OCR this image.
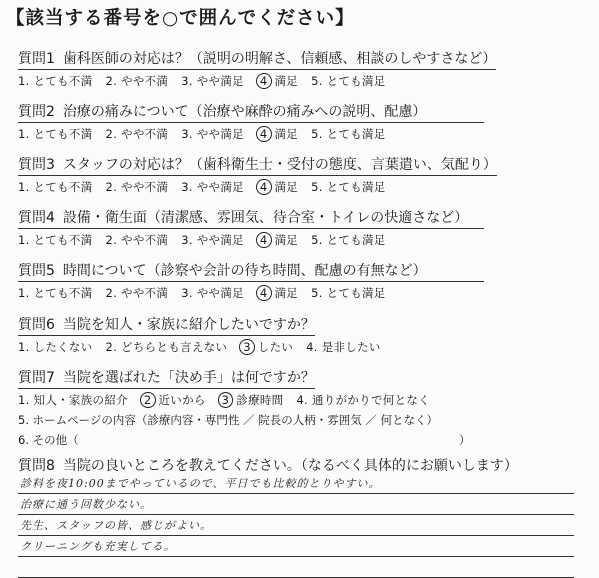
【該当する番号を○で囲んでください】
質問1 歯科医師の対応は？（説明の明解さ、信頼感、相談のしやすさなど）
1. とても不満 2. やや不満 3. やや満足 4 満足 5. とても満足
質問2 治療の痛みについて（治療や麻酔の痛みへの説明、配慮）
1. とても不満 2. やや不満 3. やや満足 4 満足 5. とても満足
質問3 スタッフの対応は？（歯科衛生士・受付の態度、言葉遣い、気配り）
1. とても不満 2. やや不満 3. やや満足 4 満足 5. とても満足
質問4 設備・衛生面（清潔感、雰囲気、待合室・トイレの快適さなど）
1. とても不満 2. やや不満 3. やや満足 4 満足 5. とても満足
質問5 時間について（診察や会計の待ち時間、配慮の有無など）
1. とても不満 2. やや不満 3. やや満足 4 満足 5. とても満足
質問6 当院を知人・家族に紹介したいですか？
1. したくない 2. どちらとも言えない 3 したい 4. 是非したい
質問7 当院を選ばれた「決め手」は何ですか？
1. 知人・家族の紹介 2 近いから 3 診療時間 4. 通りがかりで何となく
5. ホームページの内容（診療内容・専門性 ／ 院長の人柄・雰囲気 ／ 何となく）
6. その他（	）
質問8 当院の良いところを教えてください。（なるべく具体的にお願いします）
診料を夜10:00までやっているので、平日でも比較的とりやすい。
治療に通う回数少ない。
先生、スタッフの皆、感じがよい。
クリーニングも充実してる。
